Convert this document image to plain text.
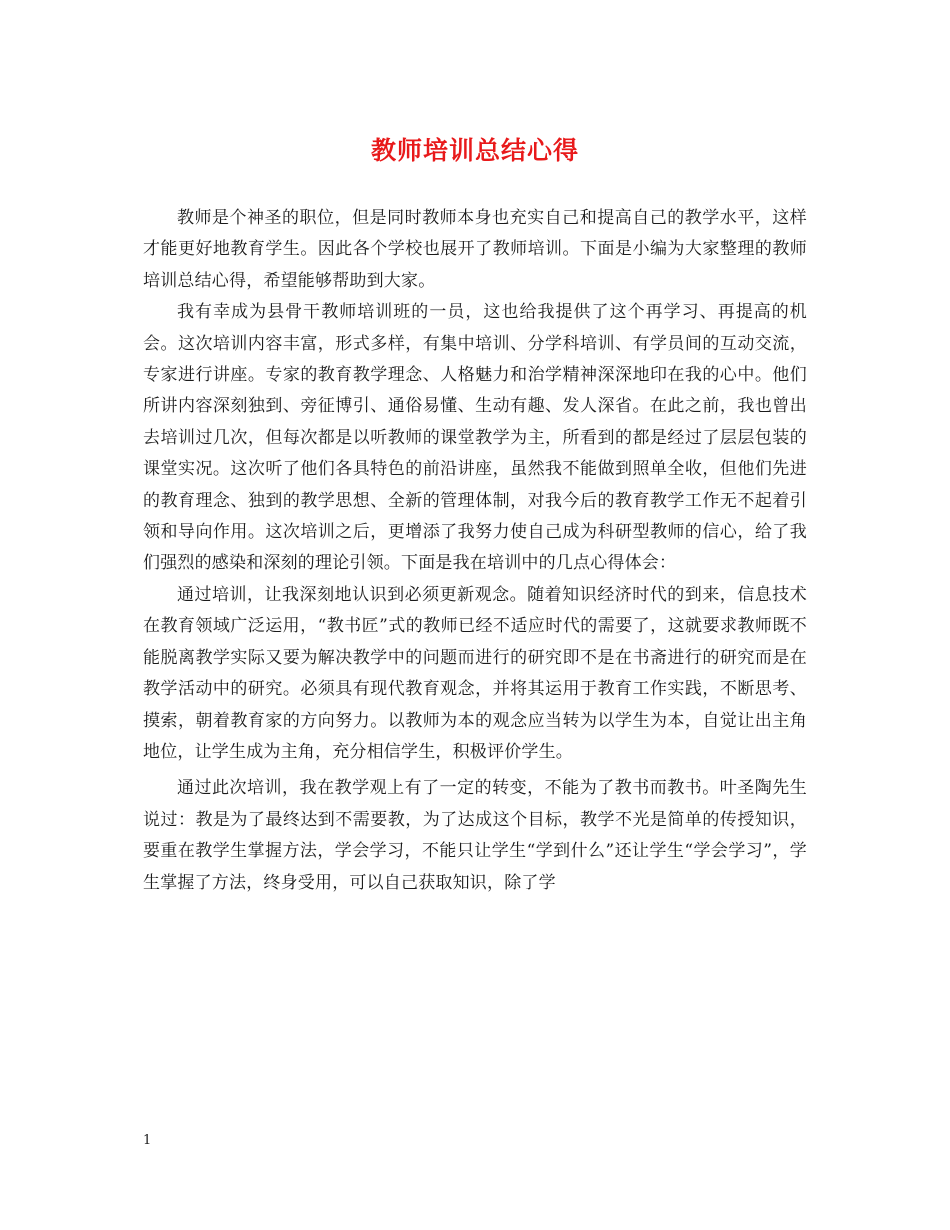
教师培训总结心得

教师是个神圣的职位，但是同时教师本身也充实自己和提高自己的教学水平，这样才能更好地教育学生。因此各个学校也展开了教师培训。下面是小编为大家整理的教师培训总结心得，希望能够帮助到大家。

我有幸成为县骨干教师培训班的一员，这也给我提供了这个再学习、再提高的机会。这次培训内容丰富，形式多样，有集中培训、分学科培训、有学员间的互动交流，专家进行讲座。专家的教育教学理念、人格魅力和治学精神深深地印在我的心中。他们所讲内容深刻独到、旁征博引、通俗易懂、生动有趣、发人深省。在此之前，我也曾出去培训过几次，但每次都是以听教师的课堂教学为主，所看到的都是经过了层层包装的课堂实况。这次听了他们各具特色的前沿讲座，虽然我不能做到照单全收，但他们先进的教育理念、独到的教学思想、全新的管理体制，对我今后的教育教学工作无不起着引领和导向作用。这次培训之后，更增添了我努力使自己成为科研型教师的信心，给了我们强烈的感染和深刻的理论引领。下面是我在培训中的几点心得体会：

通过培训，让我深刻地认识到必须更新观念。随着知识经济时代的到来，信息技术在教育领域广泛运用，“教书匠”式的教师已经不适应时代的需要了，这就要求教师既不能脱离教学实际又要为解决教学中的问题而进行的研究即不是在书斋进行的研究而是在教学活动中的研究。必须具有现代教育观念，并将其运用于教育工作实践，不断思考、摸索，朝着教育家的方向努力。以教师为本的观念应当转为以学生为本，自觉让出主角地位，让学生成为主角，充分相信学生，积极评价学生。

通过此次培训，我在教学观上有了一定的转变，不能为了教书而教书。叶圣陶先生说过：教是为了最终达到不需要教，为了达成这个目标，教学不光是简单的传授知识，要重在教学生掌握方法，学会学习，不能只让学生“学到什么”还让学生“学会学习”，学生掌握了方法，终身受用，可以自己获取知识，除了学

1
